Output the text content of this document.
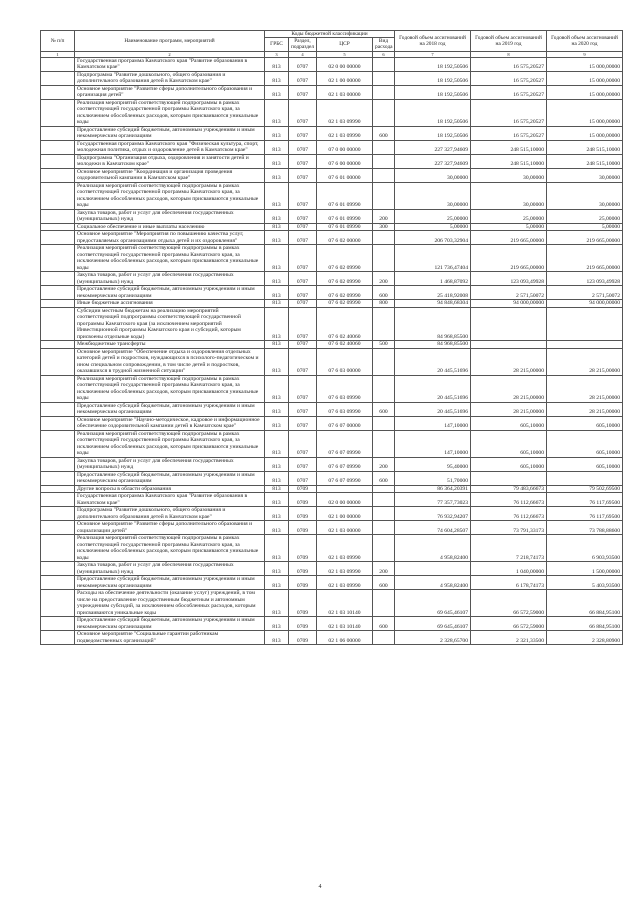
№ п/п	Наименование программ, мероприятий	Коды бюджетной классификации				Годовой объем ассигнований на 2018 год	Годовой объем ассигнований на 2019 год	Годовой объем ассигнований на 2020 год
		ГРБС	Раздел, подраздел	ЦСР	Вид расхода			
1	2	3	4	5	6	7	8	9
	Государственная программа Камчатского края "Развитие образования в Камчатском крае"	813	0707	02 0 00 00000		18 192,50506	16 575,20527	15 000,00000
	Подпрограмма "Развитие дошкольного, общего образования и дополнительного образования детей в Камчатском крае"	813	0707	02 1 00 00000		18 192,50506	16 575,20527	15 000,00000
	Основное мероприятие "Развитие сферы дополнительного образования и организация детей"	813	0707	02 1 03 00000		18 192,50506	16 575,20527	15 000,00000
	Реализация мероприятий соответствующей подпрограммы в рамках соответствующей государственной программы Камчатского края, за исключением обособленных расходов, которым присваиваются уникальные коды	813	0707	02 1 03 09990		18 192,50506	16 575,20527	15 000,00000
	Предоставление субсидий бюджетным, автономным учреждениям и иным некоммерческим организациям	813	0707	02 1 03 09990	600	18 192,50506	16 575,20527	15 000,00000
	Государственная программа Камчатского края "Физическая культура, спорт, молодежная политика, отдых и оздоровление детей в Камчатском крае"	813	0707	07 0 00 00000		227 327,94609	248 515,10000	248 515,10000
	Подпрограмма "Организация отдыха, оздоровления и занятости детей и молодежи в Камчатском крае"	813	0707	07 6 00 00000		227 327,94609	248 515,10000	248 515,10000
	Основное мероприятие "Координация и организация проведения оздоровительной кампании в Камчатском крае"	813	0707	07 6 01 00000		30,00000	30,00000	30,00000
	Реализация мероприятий соответствующей подпрограммы в рамках соответствующей государственной программы Камчатского края, за исключением обособленных расходов, которым присваиваются уникальные коды	813	0707	07 6 01 09990		30,00000	30,00000	30,00000
	Закупка товаров, работ и услуг для обеспечения государственных (муниципальных) нужд	813	0707	07 6 01 09990	200	25,00000	25,00000	25,00000
	Социальное обеспечение и иные выплаты населению	813	0707	07 6 01 09990	300	5,00000	5,00000	5,00000
	Основное мероприятие "Мероприятия по повышению качества услуг, предоставляемых организациями отдыха детей и их оздоровления"	813	0707	07 6 02 00000		206 703,32904	219 665,00000	219 665,00000
	Реализация мероприятий соответствующей подпрограммы в рамках соответствующей государственной программы Камчатского края, за исключением обособленных расходов, которым присваиваются уникальные коды	813	0707	07 6 02 09990		121 736,47404	219 665,00000	219 665,00000
	Закупка товаров, работ и услуг для обеспечения государственных (муниципальных) нужд	813	0707	07 6 02 09990	200	1 468,87092	123 093,49928	123 093,49928
	Предоставление субсидий бюджетным, автономным учреждениям и иным некоммерческим организациям	813	0707	07 6 02 09990	600	25 418,92008	2 571,50072	2 571,50072
	Иные бюджетные ассигнования	813	0707	07 6 02 09990	800	94 848,68304	94 000,00000	94 000,00000
	Субсидии местным бюджетам на реализацию мероприятий соответствующей подпрограммы соответствующей государственной программы Камчатского края (за исключением мероприятий Инвестиционной программы Камчатского края и субсидий, которым присвоены отдельные коды)	813	0707	07 6 02 40060		84 968,85500		
	Межбюджетные трансферты	813	0707	07 6 02 40060	500	84 968,85500		
	Основное мероприятие "Обеспечение отдыха и оздоровления отдельных категорий детей и подростков, нуждающихся в психолого-педагогическом и ином специальном сопровождении, в том числе детей и подростков, оказавшихся в трудной жизненной ситуации"	813	0707	07 6 03 00000		20 445,51696	28 215,00000	28 215,00000
	Реализация мероприятий соответствующей подпрограммы в рамках соответствующей государственной программы Камчатского края, за исключением обособленных расходов, которым присваиваются уникальные коды	813	0707	07 6 03 09990		20 445,51696	28 215,00000	28 215,00000
	Предоставление субсидий бюджетным, автономным учреждениям и иным некоммерческим организациям	813	0707	07 6 03 09990	600	20 445,51696	28 215,00000	28 215,00000
	Основное мероприятие "Научно-методическое, кадровое и информационное обеспечение оздоровительной кампании детей в Камчатском крае"	813	0707	07 6 07 00000		147,10000	605,10000	605,10000
	Реализация мероприятий соответствующей подпрограммы в рамках соответствующей государственной программы Камчатского края, за исключением обособленных расходов, которым присваиваются уникальные коды	813	0707	07 6 07 09990		147,10000	605,10000	605,10000
	Закупка товаров, работ и услуг для обеспечения государственных (муниципальных) нужд	813	0707	07 6 07 09990	200	95,40000	605,10000	605,10000
	Предоставление субсидий бюджетным, автономным учреждениям и иным некоммерческим организациям	813	0707	07 6 07 09990	600	51,70000		
	Другие вопросы в области образования	813	0709			86 364,20391	79 483,66673	79 502,69500
	Государственная программа Камчатского края "Развитие образования в Камчатском крае"	813	0709	02 0 00 00000		77 357,73023	76 112,66673	76 117,69500
	Подпрограмма "Развитие дошкольного, общего образования и дополнительного образования детей в Камчатском крае"	813	0709	02 1 00 00000		76 932,94207	76 112,66673	76 117,69500
	Основное мероприятие "Развитие сферы дополнительного образования и социализации детей"	813	0709	02 1 03 00000		74 604,28507	73 791,33173	73 788,88600
	Реализация мероприятий соответствующей подпрограммы в рамках соответствующей государственной программы Камчатского края, за исключением обособленных расходов, которым присваиваются уникальные коды	813	0709	02 1 03 09990		4 958,82400	7 218,74173	6 903,93500
	Закупка товаров, работ и услуг для обеспечения государственных (муниципальных) нужд	813	0709	02 1 03 09990	200		1 040,00000	1 500,00000
	Предоставление субсидий бюджетным, автономным учреждениям и иным некоммерческим организациям	813	0709	02 1 03 09990	600	4 958,82400	6 178,74173	5 403,93500
	Расходы на обеспечение деятельности (оказание услуг) учреждений, в том числе на предоставление государственным бюджетным и автономным учреждениям субсидий, за исключением обособленных расходов, которым присваиваются уникальные коды	813	0709	02 1 03 10140		69 645,46107	66 572,59000	66 884,95100
	Предоставление субсидий бюджетным, автономным учреждениям и иным некоммерческим организациям	813	0709	02 1 03 10140	600	69 645,46107	66 572,59000	66 884,95100
	Основное мероприятие "Социальные гарантии работникам подведомственных организаций"	813	0709	02 1 06 00000		2 328,65700	2 321,33500	2 328,80900
4
